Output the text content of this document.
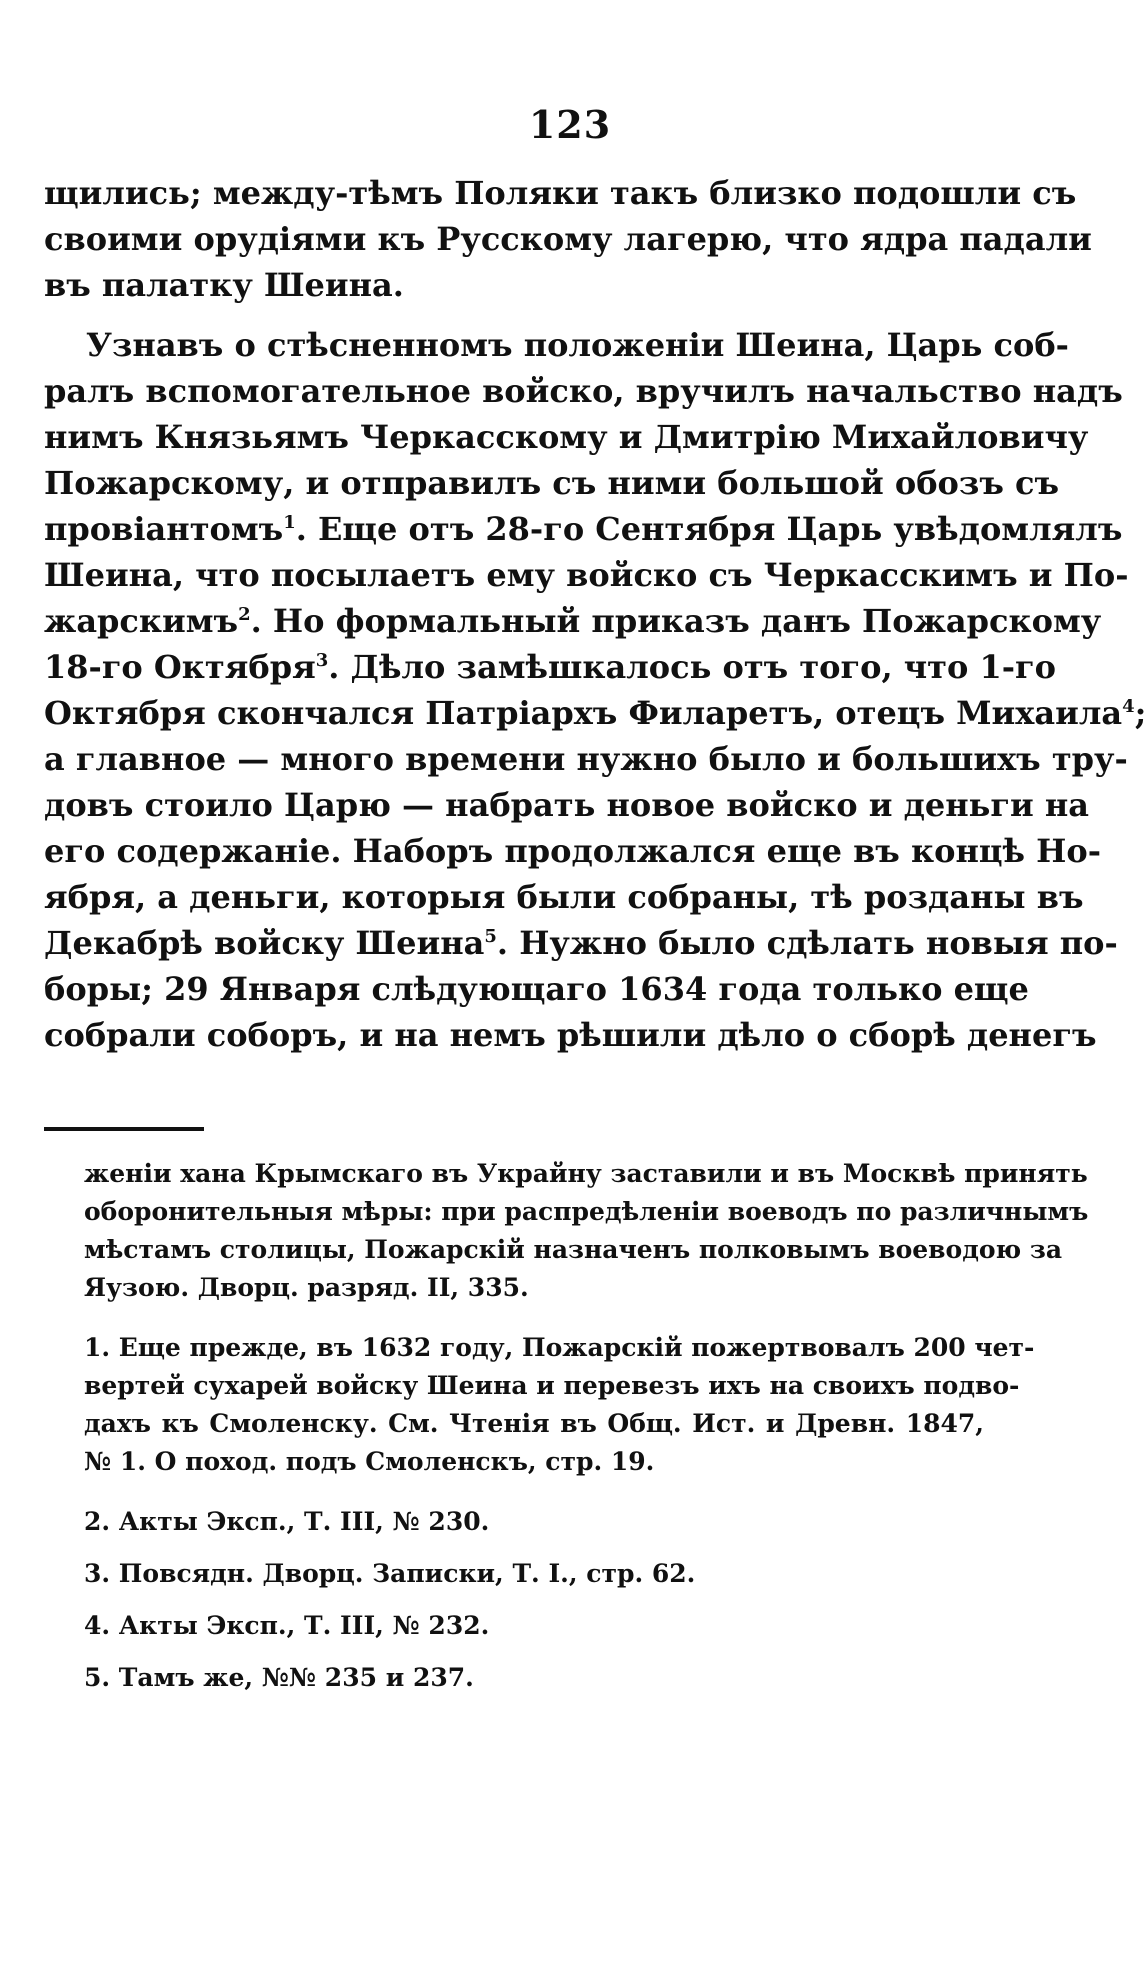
123
щились; между-тѣмъ Поляки такъ близко подошли съ
своими орудіями къ Русскому лагерю, что ядра падали
въ палатку Шеина.
Узнавъ о стѣсненномъ положеніи Шеина, Царь соб-
ралъ вспомогательное войско, вручилъ начальство надъ
нимъ Князьямъ Черкасскому и Дмитрію Михайловичу
Пожарскому, и отправилъ съ ними большой обозъ съ
провіантомъ$^1$. Еще отъ 28-го Сентября Царь увѣдомлялъ
Шеина, что посылаетъ ему войско съ Черкасскимъ и По-
жарскимъ$^2$. Но формальный приказъ данъ Пожарскому
18-го Октября$^3$. Дѣло замѣшкалось отъ того, что 1-го
Октября скончался Патріархъ Филаретъ, отецъ Михаила$^4$;
а главное — много времени нужно было и большихъ тру-
довъ стоило Царю — набрать новое войско и деньги на
его содержаніе. Наборъ продолжался еще въ концѣ Но-
ября, а деньги, которыя были собраны, тѣ розданы въ
Декабрѣ войску Шеина$^5$. Нужно было сдѣлать новыя по-
боры; 29 Января слѣдующаго 1634 года только еще
собрали соборъ, и на немъ рѣшили дѣло о сборѣ денегъ
женіи хана Крымскаго въ Украйну заставили и въ Москвѣ принять
оборонительныя мѣры: при распредѣленіи воеводъ по различнымъ
мѣстамъ столицы, Пожарскій назначенъ полковымъ воеводою за
Яузою. Дворц. разряд. II, 335.
1. Еще прежде, въ 1632 году, Пожарскій пожертвовалъ 200 чет-
вертей сухарей войску Шеина и перевезъ ихъ на своихъ подво-
дахъ къ Смоленску. См. Чтенія въ Общ. Ист. и Древн. 1847,
№ 1. О поход. подъ Смоленскъ, стр. 19.
2. Акты Эксп., Т. III, № 230.
3. Повсядн. Дворц. Записки, Т. I., стр. 62.
4. Акты Эксп., Т. III, № 232.
5. Тамъ же, №№ 235 и 237.
